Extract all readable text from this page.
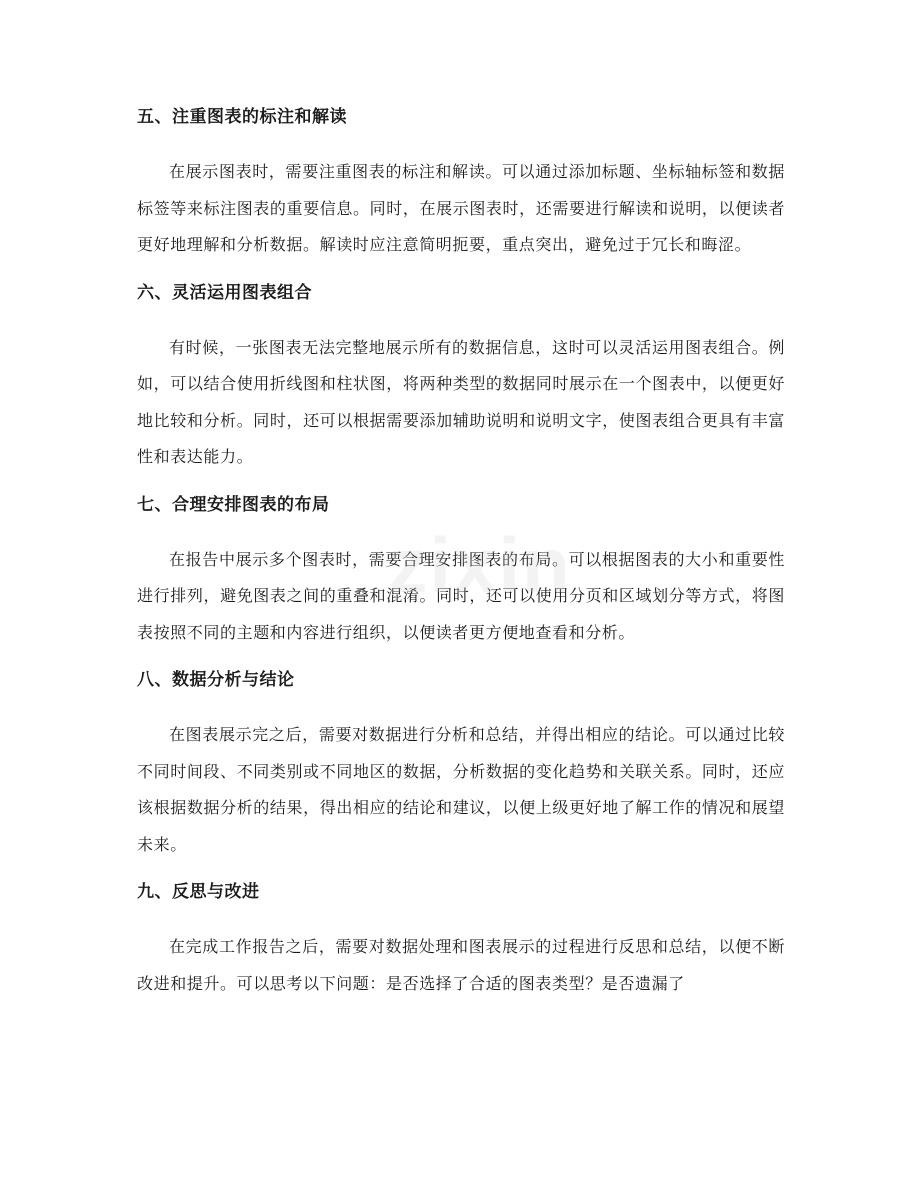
五、注重图表的标注和解读

在展示图表时，需要注重图表的标注和解读。可以通过添加标题、坐标轴标签和数据标签等来标注图表的重要信息。同时，在展示图表时，还需要进行解读和说明，以便读者更好地理解和分析数据。解读时应注意简明扼要，重点突出，避免过于冗长和晦涩。

六、灵活运用图表组合

有时候，一张图表无法完整地展示所有的数据信息，这时可以灵活运用图表组合。例如，可以结合使用折线图和柱状图，将两种类型的数据同时展示在一个图表中，以便更好地比较和分析。同时，还可以根据需要添加辅助说明和说明文字，使图表组合更具有丰富性和表达能力。

七、合理安排图表的布局

在报告中展示多个图表时，需要合理安排图表的布局。可以根据图表的大小和重要性进行排列，避免图表之间的重叠和混淆。同时，还可以使用分页和区域划分等方式，将图表按照不同的主题和内容进行组织，以便读者更方便地查看和分析。

八、数据分析与结论

在图表展示完之后，需要对数据进行分析和总结，并得出相应的结论。可以通过比较不同时间段、不同类别或不同地区的数据，分析数据的变化趋势和关联关系。同时，还应该根据数据分析的结果，得出相应的结论和建议，以便上级更好地了解工作的情况和展望未来。

九、反思与改进

在完成工作报告之后，需要对数据处理和图表展示的过程进行反思和总结，以便不断改进和提升。可以思考以下问题：是否选择了合适的图表类型？是否遗漏了

zixin
